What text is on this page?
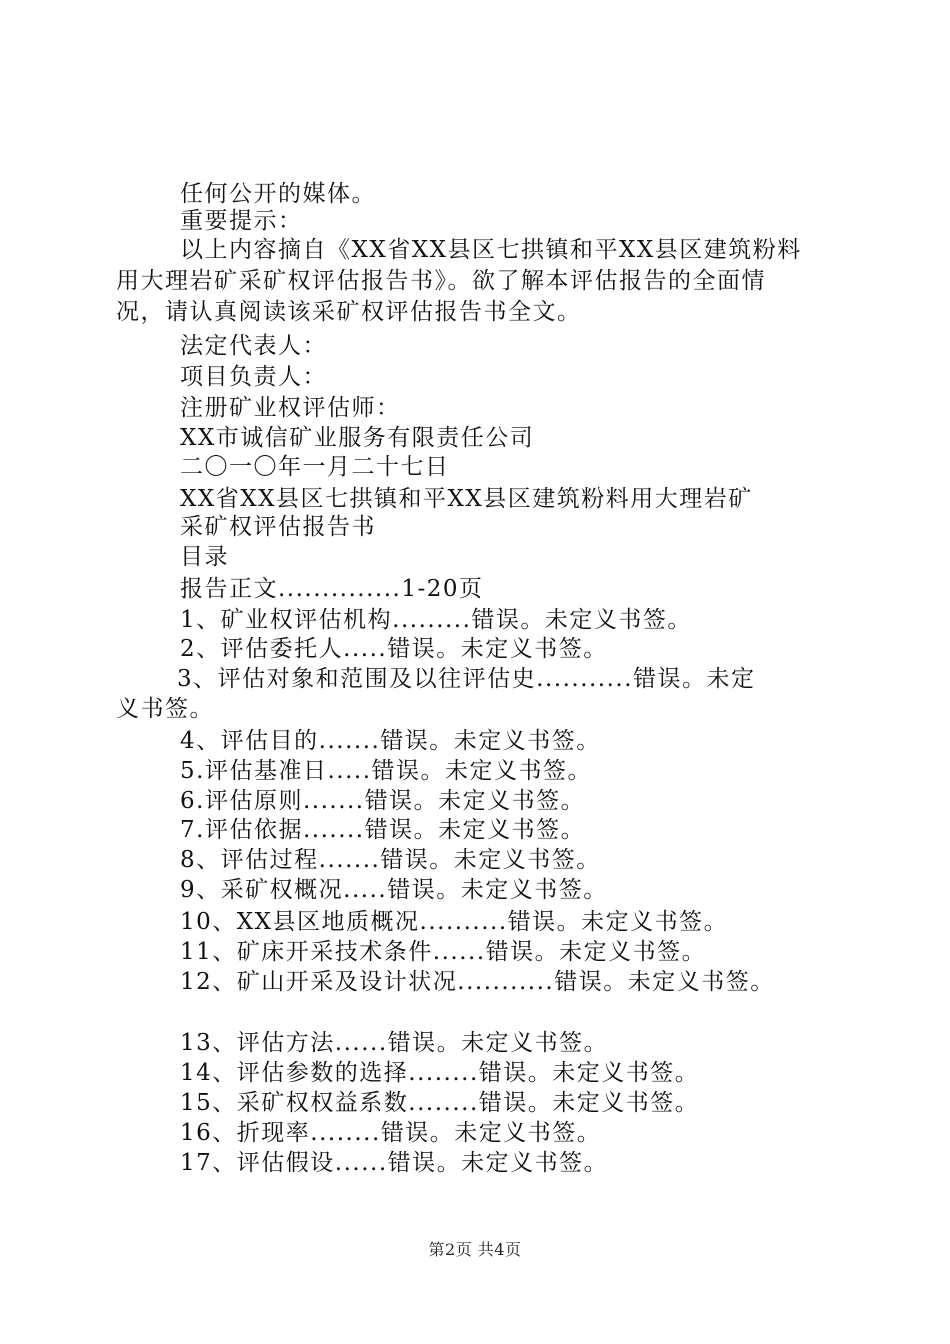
任何公开的媒体。
重要提示：
以上内容摘自《XX省XX县区七拱镇和平XX县区建筑粉料
用大理岩矿采矿权评估报告书》。欲了解本评估报告的全面情
况，请认真阅读该采矿权评估报告书全文。
法定代表人：
项目负责人：
注册矿业权评估师：
XX市诚信矿业服务有限责任公司
二〇一〇年一月二十七日
XX省XX县区七拱镇和平XX县区建筑粉料用大理岩矿
采矿权评估报告书
目录
报告正文..............1-20页
1、矿业权评估机构.........错误。未定义书签。
2、评估委托人.....错误。未定义书签。
3、评估对象和范围及以往评估史...........错误。未定
义书签。
4、评估目的.......错误。未定义书签。
5.评估基准日.....错误。未定义书签。
6.评估原则.......错误。未定义书签。
7.评估依据.......错误。未定义书签。
8、评估过程.......错误。未定义书签。
9、采矿权概况.....错误。未定义书签。
10、XX县区地质概况..........错误。未定义书签。
11、矿床开采技术条件......错误。未定义书签。
12、矿山开采及设计状况...........错误。未定义书签。
13、评估方法......错误。未定义书签。
14、评估参数的选择........错误。未定义书签。
15、采矿权权益系数........错误。未定义书签。
16、折现率........错误。未定义书签。
17、评估假设......错误。未定义书签。
第2页 共4页
